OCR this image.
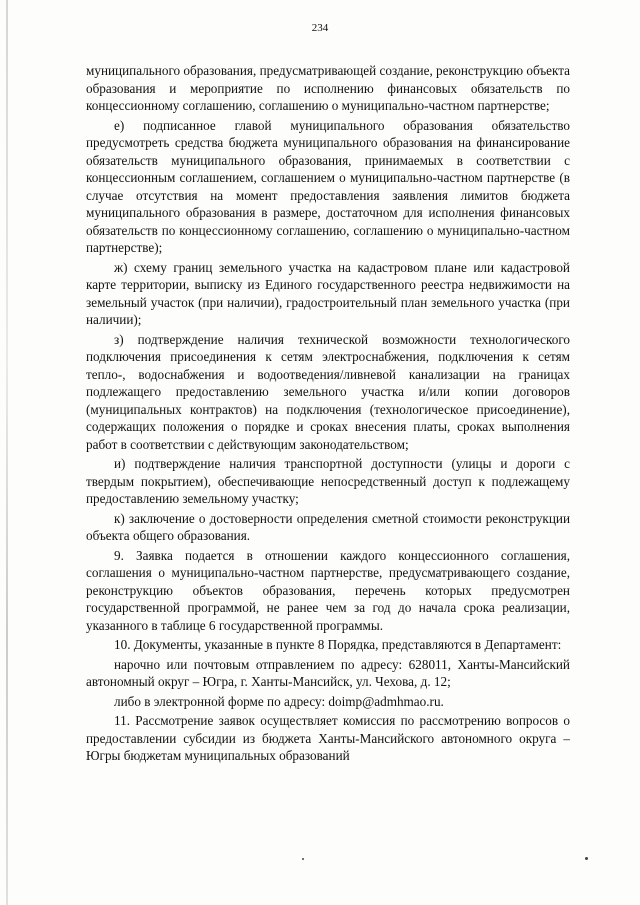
234

муниципального образования, предусматривающей создание, реконструкцию объекта образования и мероприятие по исполнению финансовых обязательств по концессионному соглашению, соглашению о муниципально-частном партнерстве;

е) подписанное главой муниципального образования обязательство предусмотреть средства бюджета муниципального образования на финансирование обязательств муниципального образования, принимаемых в соответствии с концессионным соглашением, соглашением о муниципально-частном партнерстве (в случае отсутствия на момент предоставления заявления лимитов бюджета муниципального образования в размере, достаточном для исполнения финансовых обязательств по концессионному соглашению, соглашению о муниципально-частном партнерстве);

ж) схему границ земельного участка на кадастровом плане или кадастровой карте территории, выписку из Единого государственного реестра недвижимости на земельный участок (при наличии), градостроительный план земельного участка (при наличии);

з) подтверждение наличия технической возможности технологического подключения присоединения к сетям электроснабжения, подключения к сетям тепло-, водоснабжения и водоотведения/ливневой канализации на границах подлежащего предоставлению земельного участка и/или копии договоров (муниципальных контрактов) на подключения (технологическое присоединение), содержащих положения о порядке и сроках внесения платы, сроках выполнения работ в соответствии с действующим законодательством;

и) подтверждение наличия транспортной доступности (улицы и дороги с твердым покрытием), обеспечивающие непосредственный доступ к подлежащему предоставлению земельному участку;

к) заключение о достоверности определения сметной стоимости реконструкции объекта общего образования.

9. Заявка подается в отношении каждого концессионного соглашения, соглашения о муниципально-частном партнерстве, предусматривающего создание, реконструкцию объектов образования, перечень которых предусмотрен государственной программой, не ранее чем за год до начала срока реализации, указанного в таблице 6 государственной программы.

10. Документы, указанные в пункте 8 Порядка, представляются в Департамент:

нарочно или почтовым отправлением по адресу: 628011, Ханты-Мансийский автономный округ – Югра, г. Ханты-Мансийск, ул. Чехова, д. 12;

либо в электронной форме по адресу: doimp@admhmao.ru.

11. Рассмотрение заявок осуществляет комиссия по рассмотрению вопросов о предоставлении субсидии из бюджета Ханты-Мансийского автономного округа – Югры бюджетам муниципальных образований
